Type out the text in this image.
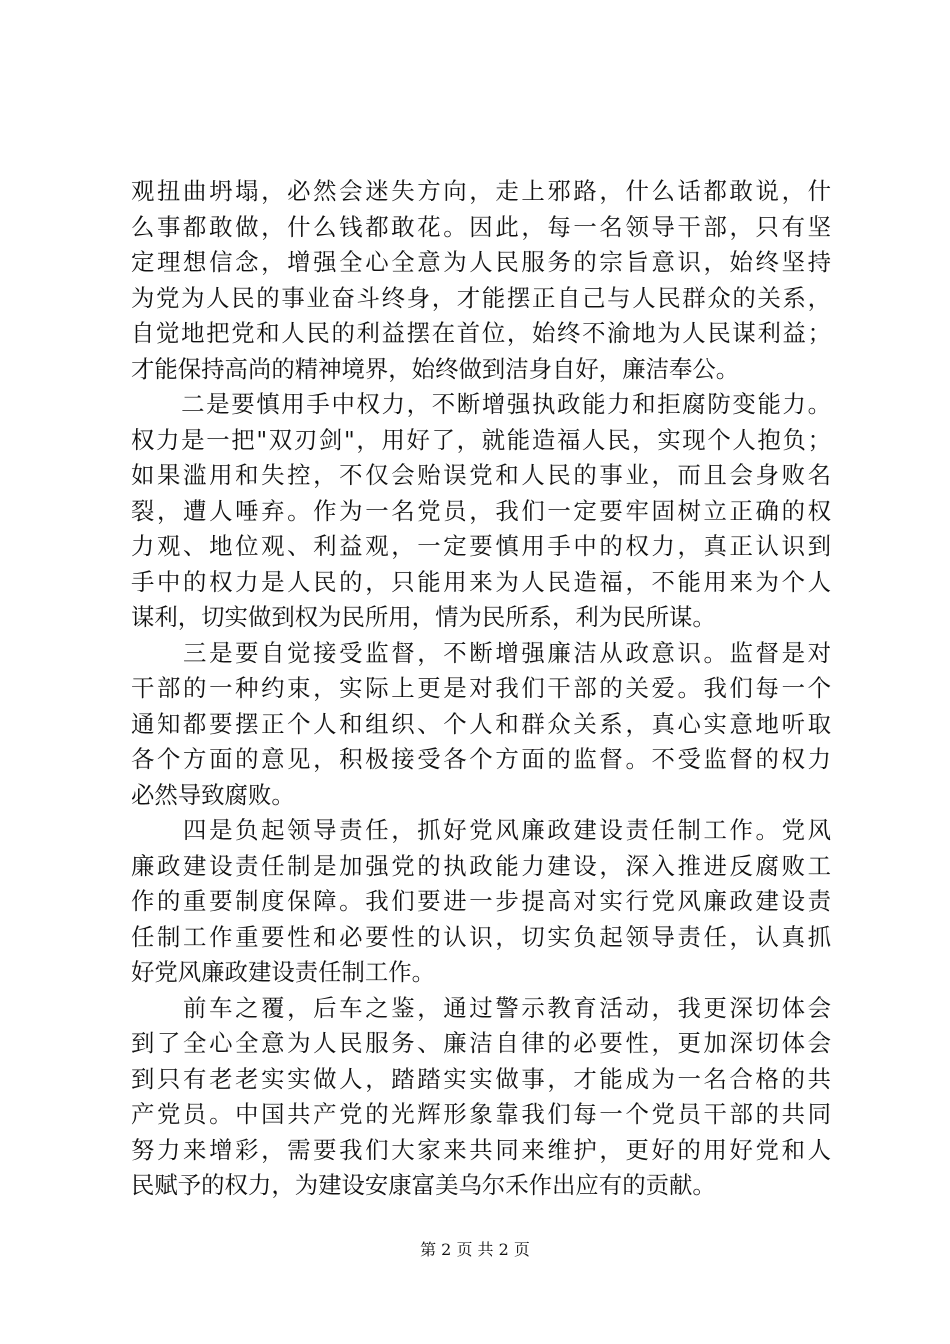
观扭曲坍塌，必然会迷失方向，走上邪路，什么话都敢说，什
么事都敢做，什么钱都敢花。因此，每一名领导干部，只有坚
定理想信念，增强全心全意为人民服务的宗旨意识，始终坚持
为党为人民的事业奋斗终身，才能摆正自己与人民群众的关系，
自觉地把党和人民的利益摆在首位，始终不渝地为人民谋利益；
才能保持高尚的精神境界，始终做到洁身自好，廉洁奉公。
　　二是要慎用手中权力，不断增强执政能力和拒腐防变能力。
权力是一把"双刃剑"，用好了，就能造福人民，实现个人抱负；
如果滥用和失控，不仅会贻误党和人民的事业，而且会身败名
裂，遭人唾弃。作为一名党员，我们一定要牢固树立正确的权
力观、地位观、利益观，一定要慎用手中的权力，真正认识到
手中的权力是人民的，只能用来为人民造福，不能用来为个人
谋利，切实做到权为民所用，情为民所系，利为民所谋。
　　三是要自觉接受监督，不断增强廉洁从政意识。监督是对
干部的一种约束，实际上更是对我们干部的关爱。我们每一个
通知都要摆正个人和组织、个人和群众关系，真心实意地听取
各个方面的意见，积极接受各个方面的监督。不受监督的权力
必然导致腐败。
　　四是负起领导责任，抓好党风廉政建设责任制工作。党风
廉政建设责任制是加强党的执政能力建设，深入推进反腐败工
作的重要制度保障。我们要进一步提高对实行党风廉政建设责
任制工作重要性和必要性的认识，切实负起领导责任，认真抓
好党风廉政建设责任制工作。
　　前车之覆，后车之鉴，通过警示教育活动，我更深切体会
到了全心全意为人民服务、廉洁自律的必要性，更加深切体会
到只有老老实实做人，踏踏实实做事，才能成为一名合格的共
产党员。中国共产党的光辉形象靠我们每一个党员干部的共同
努力来增彩，需要我们大家来共同来维护，更好的用好党和人
民赋予的权力，为建设安康富美乌尔禾作出应有的贡献。
第 2 页 共 2 页
